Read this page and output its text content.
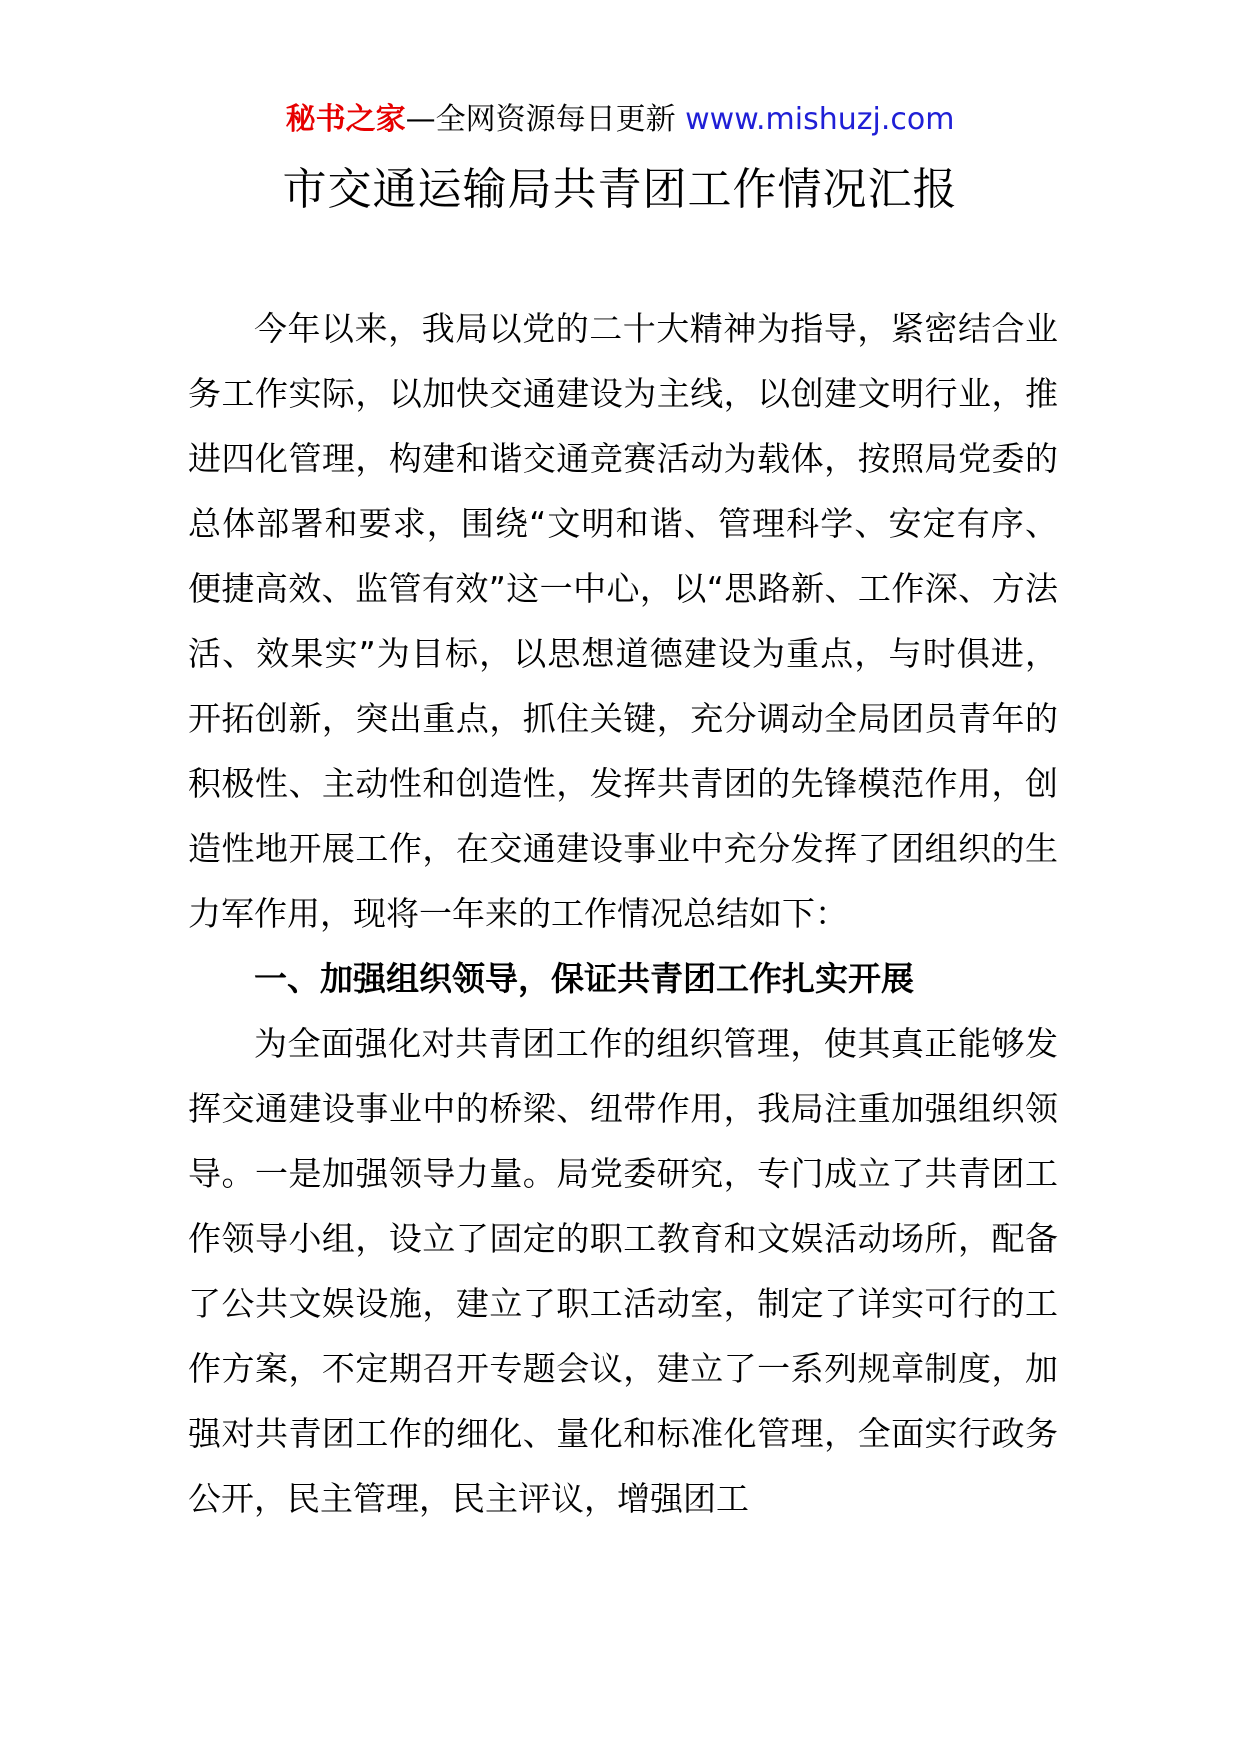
秘书之家—全网资源每日更新 www.mishuzj.com
市交通运输局共青团工作情况汇报

今年以来，我局以党的二十大精神为指导，紧密结合业务工作实际，以加快交通建设为主线，以创建文明行业，推进四化管理，构建和谐交通竞赛活动为载体，按照局党委的总体部署和要求，围绕“文明和谐、管理科学、安定有序、便捷高效、监管有效”这一中心，以“思路新、工作深、方法活、效果实”为目标，以思想道德建设为重点，与时俱进，开拓创新，突出重点，抓住关键，充分调动全局团员青年的积极性、主动性和创造性，发挥共青团的先锋模范作用，创造性地开展工作，在交通建设事业中充分发挥了团组织的生力军作用，现将一年来的工作情况总结如下：

一、加强组织领导，保证共青团工作扎实开展

为全面强化对共青团工作的组织管理，使其真正能够发挥交通建设事业中的桥梁、纽带作用，我局注重加强组织领导。一是加强领导力量。局党委研究，专门成立了共青团工作领导小组，设立了固定的职工教育和文娱活动场所，配备了公共文娱设施，建立了职工活动室，制定了详实可行的工作方案，不定期召开专题会议，建立了一系列规章制度，加强对共青团工作的细化、量化和标准化管理，全面实行政务公开，民主管理，民主评议，增强团工
